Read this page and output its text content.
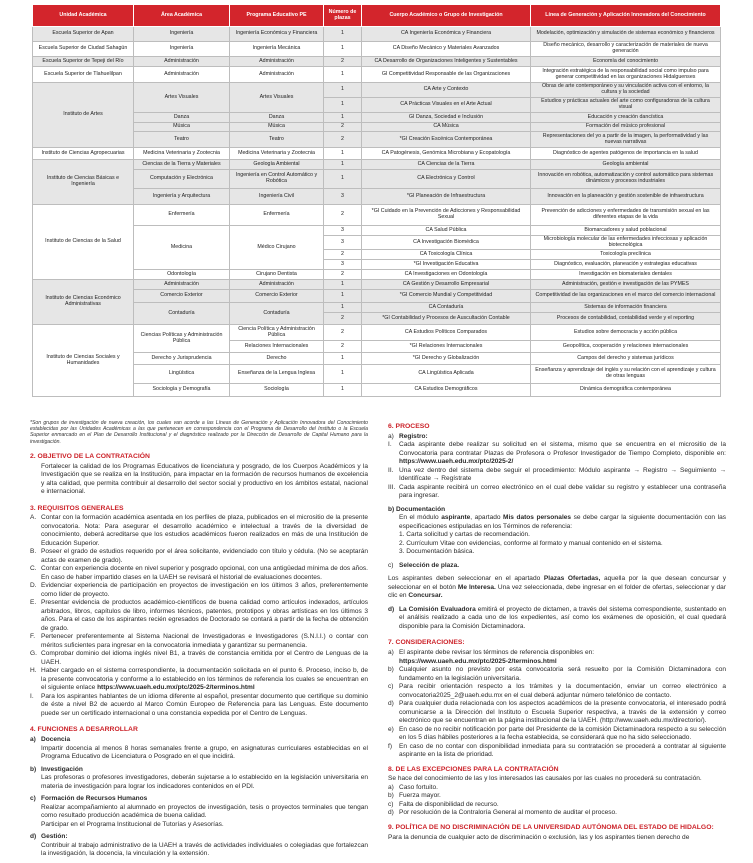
Unidad Académica	Área Académica	Programa Educativo PE	Número de plazas	Cuerpo Académico o Grupo de Investigación	Línea de Generación y Aplicación Innovadora del Conocimiento
Escuela Superior de Apan	Ingeniería	Ingeniería Económica y Financiera	1	CA Ingeniería Económica y Financiera	Modelación, optimización y simulación de sistemas económico y financieros
Escuela Superior de Ciudad Sahagún	Ingeniería	Ingeniería Mecánica	1	CA Diseño Mecánico y Materiales Avanzados	Diseño mecánico, desarrollo y caracterización de materiales de nueva generación
Escuela Superior de Tepeji del Río	Administración	Administración	2	CA Desarrollo de Organizaciones Inteligentes y Sustentables	Economía del conocimiento
Escuela Superior de Tlahuelilpan	Administración	Administración	1	GI Competitividad Responsable de las Organizaciones	Integración estratégica de la responsabilidad social como impulso para generar competitividad en las organizaciones Hidalguenses
Instituto de Artes	Artes Visuales	Artes Visuales	1	CA Arte y Contexto	Obras de arte contemporáneo y su vinculación activa con el entorno, la cultura y la sociedad
			1	CA Prácticas Visuales en el Arte Actual	Estudios y prácticas actuales del arte como configuradoras de la cultura visual
	Danza	Danza	1	GI Danza, Sociedad e Inclusión	Educación y creación dancística
	Música	Música	2	CA Música	Formación del músico profesional
	Teatro	Teatro	2	*GI Creación Escénica Contemporánea	Representaciones del yo a partir de la imagen, la performatividad y las nuevas narrativas
Instituto de Ciencias Agropecuarias	Medicina Veterinaria y Zootecnia	Medicina Veterinaria y Zootecnia	1	CA Patogénesis, Genómica Microbiana y Ecopatología	Diagnóstico de agentes patógenos de importancia en la salud
Instituto de Ciencias Básicas e Ingeniería	Ciencias de la Tierra y Materiales	Geología Ambiental	1	CA Ciencias de la Tierra	Geología ambiental
	Computación y Electrónica	Ingeniería en Control Automático y Robótica	1	CA Electrónica y Control	Innovación en robótica, automatización y control automático para sistemas dinámicos y procesos industriales
	Ingeniería y Arquitectura	Ingeniería Civil	3	*GI Planeación de Infraestructura	Innovación en la planeación y gestión sostenible de infraestructura
Instituto de Ciencias de la Salud	Enfermería	Enfermería	2	*GI Cuidado en la Prevención de Adicciones y Responsabilidad Sexual	Prevención de adicciones y enfermedades de transmisión sexual en las diferentes etapas de la vida
	Medicina	Médico Cirujano	3	CA Salud Pública	Biomarcadores y salud poblacional
			3	CA Investigación Biomédica	Microbiología molecular de las enfermedades infecciosas y aplicación biotecnológica
			2	CA Toxicología Clínica	Toxicología preclínica
			3	*GI Investigación Educativa	Diagnóstico, evaluación, planeación y estrategias educativas
	Odontología	Cirujano Dentista	2	CA Investigaciones en Odontología	Investigación en biomateriales dentales
Instituto de Ciencias Económico Administrativas	Administración	Administración	1	CA Gestión y Desarrollo Empresarial	Administración, gestión e investigación de las PYMES
	Comercio Exterior	Comercio Exterior	1	*GI Comercio Mundial y Competitividad	Competitividad de las organizaciones en el marco del comercio internacional
	Contaduría	Contaduría	1	CA Contaduría	Sistemas de información financiera
			2	*GI Contabilidad y Procesos de Auscultación Contable	Procesos de contabilidad, contabilidad verde y el reporting
Instituto de Ciencias Sociales y Humanidades	Ciencias Políticas y Administración Pública	Ciencia Política y Administración Pública	2	CA Estudios Políticos Comparados	Estudios sobre democracia y acción pública
		Relaciones Internacionales	2	*GI Relaciones Internacionales	Geopolítica, cooperación y relaciones internacionales
	Derecho y Jurisprudencia	Derecho	1	*GI Derecho y Globalización	Campos del derecho y sistemas jurídicos
	Lingüística	Enseñanza de la Lengua Inglesa	1	CA Lingüística Aplicada	Enseñanza y aprendizaje del inglés y su relación con el aprendizaje y cultura de otras lenguas
	Sociología y Demografía	Sociología	1	CA Estudios Demográficos	Dinámica demográfica contemporánea

*Son grupos de investigación de nueva creación, los cuales van acorde a las Líneas de Generación y Aplicación Innovadora del Conocimiento establecidas por las Unidades Académicas a las que pertenecen en correspondencia con el Programa de Desarrollo del Instituto o la Escuela Superior enmarcado en el Plan de Desarrollo Institucional y el diagnóstico realizado por la Dirección de Desarrollo de Capital Humano para la investigación.

2. OBJETIVO DE LA CONTRATACIÓN

Fortalecer la calidad de los Programas Educativos de licenciatura y posgrado, de los Cuerpos Académicos y la Investigación que se realiza en la Institución, para impactar en la formación de recursos humanos de excelencia y alta calidad, que permita contribuir al desarrollo del sector social y productivo en los ámbitos estatal, nacional e internacional.

3. REQUISITOS GENERALES
A. Contar con la formación académica asentada en los perfiles de plaza, publicados en el micrositio de la presente convocatoria. Nota: Para asegurar el desarrollo académico e intelectual a través de la diversidad de conocimiento, deberá acreditarse que los estudios académicos fueron realizados en más de una Institución de Educación Superior.
B. Poseer el grado de estudios requerido por el área solicitante, evidenciado con título y cédula. (No se aceptarán actas de examen de grado).
C. Contar con experiencia docente en nivel superior y posgrado opcional, con una antigüedad mínima de dos años. En caso de haber impartido clases en la UAEH se revisará el historial de evaluaciones docentes.
D. Evidenciar experiencia de participación en proyectos de investigación en los últimos 3 años, preferentemente como líder de proyecto.
E. Presentar evidencia de productos académico-científicos de buena calidad como artículos indexados, artículos arbitrados, libros, capítulos de libro, informes técnicos, patentes, prototipos y obras artísticas en los últimos 3 años. Para el caso de los aspirantes recién egresados de Doctorado se contará a partir de la fecha de obtención de grado.
F. Pertenecer preferentemente al Sistema Nacional de Investigadoras e Investigadores (S.N.I.I.) o contar con méritos suficientes para ingresar en la convocatoria inmediata y garantizar su permanencia.
G. Comprobar dominio del idioma inglés nivel B1, a través de constancia emitida por el Centro de Lenguas de la UAEH.
H. Haber cargado en el sistema correspondiente, la documentación solicitada en el punto 6. Proceso, inciso b, de la presente convocatoria y conforme a lo establecido en los términos de referencia los cuales se encuentran en el siguiente enlace https://www.uaeh.edu.mx/ptc/2025-2/terminos.html
I. Para los aspirantes hablantes de un idioma diferente al español, presentar documento que certifique su dominio de éste a nivel B2 de acuerdo al Marco Común Europeo de Referencia para las Lenguas. Este documento puede ser un certificado internacional o una constancia expedida por el Centro de Lenguas.
4. FUNCIONES A DESARROLLAR
a) Docencia

Impartir docencia al menos 8 horas semanales frente a grupo, en asignaturas curriculares establecidas en el Programa Educativo de Licenciatura o Posgrado en el que incidirá.

b) Investigación

Las profesoras o profesores investigadores, deberán sujetarse a lo establecido en la legislación universitaria en materia de investigación para lograr los indicadores contenidos en el PDI.

c) Formación de Recursos Humanos

Realizar acompañamiento al alumnado en proyectos de investigación, tesis o proyectos terminales que tengan como resultado producción académica de buena calidad.

Participar en el Programa Institucional de Tutorías y Asesorías.

d) Gestión:

Contribuir al trabajo administrativo de la UAEH a través de actividades individuales o colegiadas que fortalezcan la investigación, la docencia, la vinculación y la extensión.

6. PROCESO
a) Registro:
I. Cada aspirante debe realizar su solicitud en el sistema, mismo que se encuentra en el micrositio de la Convocatoria para contratar Plazas de Profesora o Profesor Investigador de Tiempo Completo, disponible en: https://www.uaeh.edu.mx/ptc/2025-2/
II. Una vez dentro del sistema debe seguir el procedimiento: Módulo aspirante → Registro → Seguimiento → Identifícate → Regístrate
III. Cada aspirante recibirá un correo electrónico en el cual debe validar su registro y establecer una contraseña para ingresar.
b) Documentación

En el módulo aspirante, apartado Mis datos personales se debe cargar la siguiente documentación con las especificaciones estipuladas en los Términos de referencia:

1. Carta solicitud y cartas de recomendación.
2. Currículum Vitae con evidencias, conforme al formato y manual contenido en el sistema.
3. Documentación básica.
c) Selección de plaza.

Los aspirantes deben seleccionar en el apartado Plazas Ofertadas, aquella por la que desean concursar y seleccionar en el botón Me Interesa. Una vez seleccionada, debe ingresar en el folder de ofertas, seleccionar y dar clic en Concursar.

d) La Comisión Evaluadora emitirá el proyecto de dictamen, a través del sistema correspondiente, sustentado en el análisis realizado a cada uno de los expedientes, así como los exámenes de oposición, el cual quedará disponible para la Comisión Dictaminadora.
7. CONSIDERACIONES:
a) El aspirante debe revisar los términos de referencia disponibles en:
https://www.uaeh.edu.mx/ptc/2025-2/terminos.html
b) Cualquier asunto no previsto por esta convocatoria será resuelto por la Comisión Dictaminadora con fundamento en la legislación universitaria.
c) Para recibir orientación respecto a los trámites y la documentación, enviar un correo electrónico a convocatoria2025_2@uaeh.edu.mx en el cual deberá adjuntar número telefónico de contacto.
d) Para cualquier duda relacionada con los aspectos académicos de la presente convocatoria, el interesado podrá comunicarse a la Dirección del Instituto o Escuela Superior respectiva, a través de la extensión y correo electrónico que se encuentran en la página institucional de la UAEH. (http://www.uaeh.edu.mx/directorio/).
e) En caso de no recibir notificación por parte del Presidente de la comisión Dictaminadora respecto a su selección en los 5 días hábiles posteriores a la fecha establecida, se considerará que no ha sido seleccionado.
f) En caso de no contar con disponibilidad inmediata para su contratación se procederá a contratar al siguiente aspirante en la lista de prioridad.
8. DE LAS EXCEPCIONES PARA LA CONTRATACIÓN

Se hace del conocimiento de las y los interesados las causales por las cuales no procederá su contratación.

a) Caso fortuito.
b) Fuerza mayor.
c) Falta de disponibilidad de recurso.
d) Por resolución de la Contraloría General al momento de auditar el proceso.
9. POLÍTICA DE NO DISCRIMINACIÓN DE LA UNIVERSIDAD AUTÓNOMA DEL ESTADO DE HIDALGO:

Para la denuncia de cualquier acto de discriminación o exclusión, las y los aspirantes tienen derecho de
